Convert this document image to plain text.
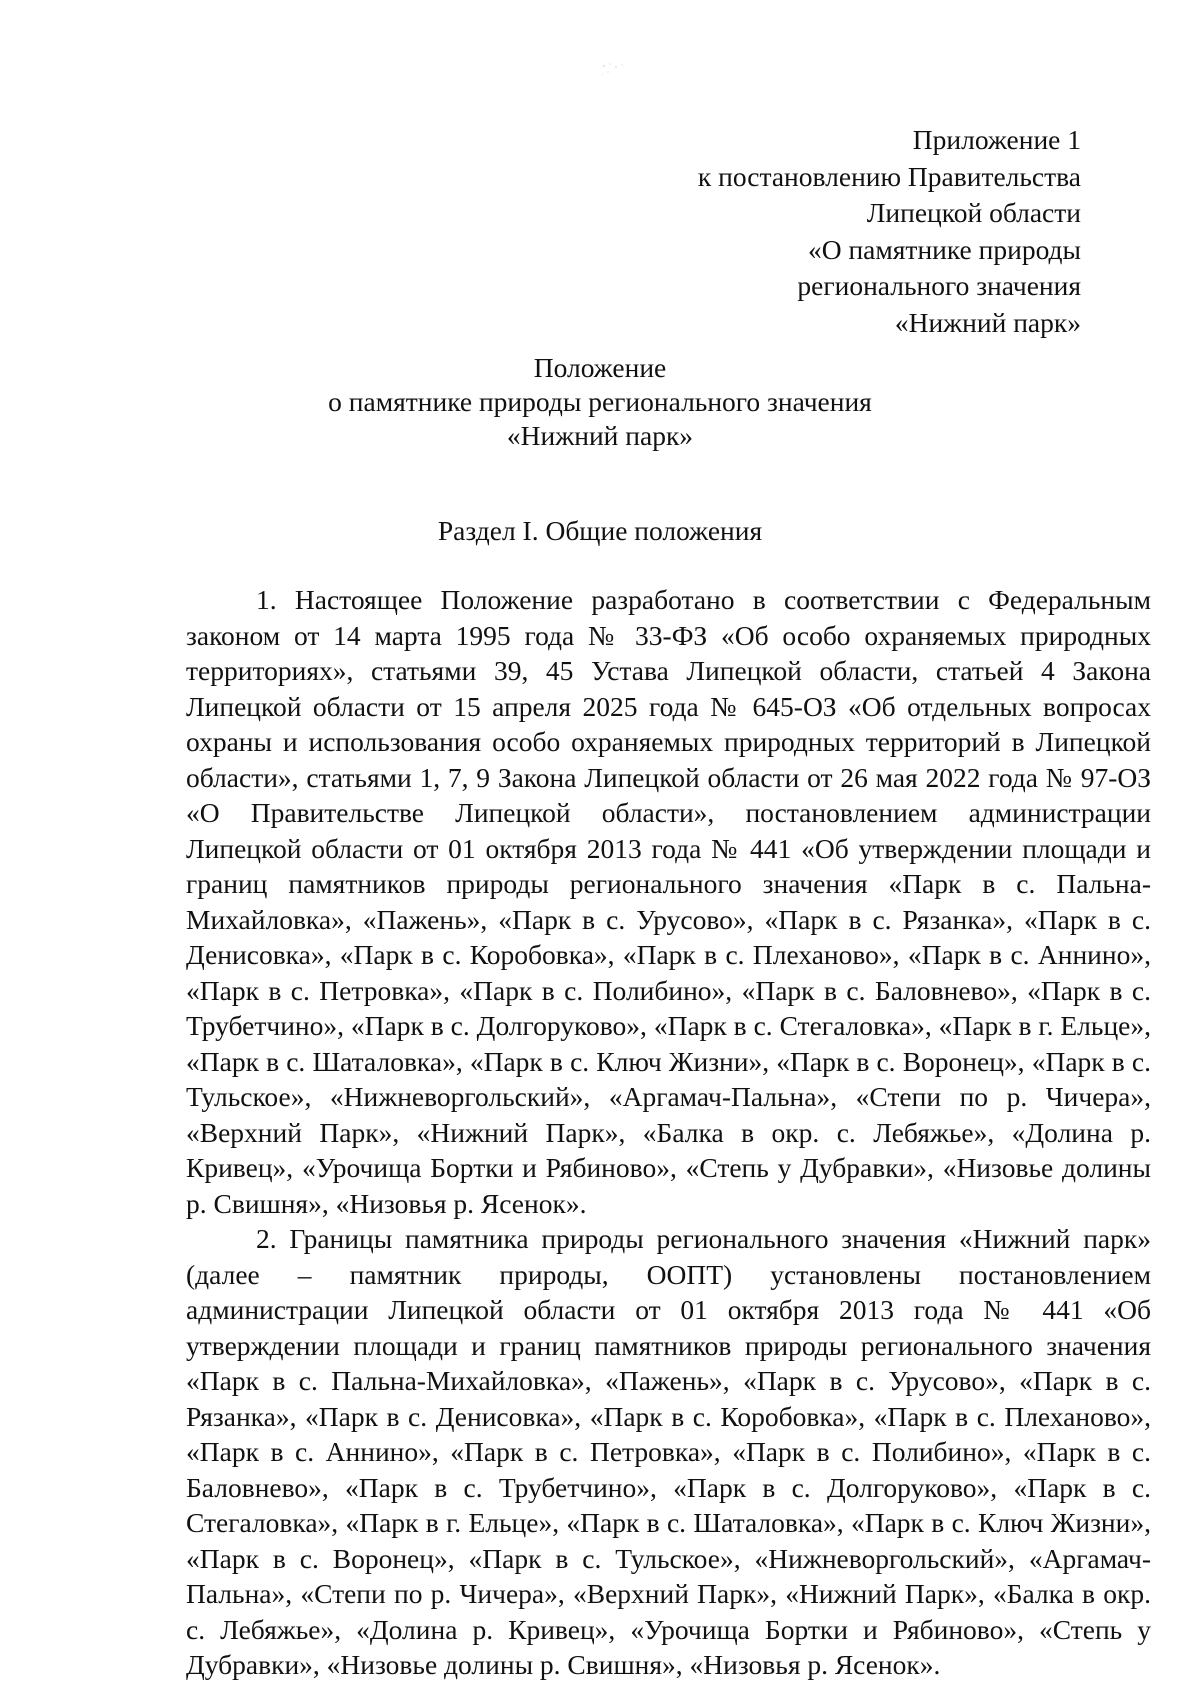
Приложение 1
к постановлению Правительства
Липецкой области
«О памятнике природы
регионального значения
«Нижний парк»
Положение
о памятнике природы регионального значения
«Нижний парк»
Раздел I. Общие положения

1. Настоящее Положение разработано в соответствии с Федеральным законом от 14 марта 1995 года № 33-ФЗ «Об особо охраняемых природных территориях», статьями 39, 45 Устава Липецкой области, статьей 4 Закона Липецкой области от 15 апреля 2025 года № 645-ОЗ «Об отдельных вопросах охраны и использования особо охраняемых природных территорий в Липецкой области», статьями 1, 7, 9 Закона Липецкой области от 26 мая 2022 года № 97-ОЗ «О Правительстве Липецкой области», постановлением администрации Липецкой области от 01 октября 2013 года № 441 «Об утверждении площади и границ памятников природы регионального значения «Парк в с. Пальна-Михайловка», «Пажень», «Парк в с. Урусово», «Парк в с. Рязанка», «Парк в с. Денисовка», «Парк в с. Коробовка», «Парк в с. Плеханово», «Парк в с. Аннино», «Парк в с. Петровка», «Парк в с. Полибино», «Парк в с. Баловнево», «Парк в с. Трубетчино», «Парк в с. Долгоруково», «Парк в с. Стегаловка», «Парк в г. Ельце», «Парк в с. Шаталовка», «Парк в с. Ключ Жизни», «Парк в с. Воронец», «Парк в с. Тульское», «Нижневоргольский», «Аргамач-Пальна», «Степи по р. Чичера», «Верхний Парк», «Нижний Парк», «Балка в окр. с. Лебяжье», «Долина р. Кривец», «Урочища Бортки и Рябиново», «Степь у Дубравки», «Низовье долины р. Свишня», «Низовья р. Ясенок».

2. Границы памятника природы регионального значения «Нижний парк» (далее – памятник природы, ООПТ) установлены постановлением администрации Липецкой области от 01 октября 2013 года № 441 «Об утверждении площади и границ памятников природы регионального значения «Парк в с. Пальна-Михайловка», «Пажень», «Парк в с. Урусово», «Парк в с. Рязанка», «Парк в с. Денисовка», «Парк в с. Коробовка», «Парк в с. Плеханово», «Парк в с. Аннино», «Парк в с. Петровка», «Парк в с. Полибино», «Парк в с. Баловнево», «Парк в с. Трубетчино», «Парк в с. Долгоруково», «Парк в с. Стегаловка», «Парк в г. Ельце», «Парк в с. Шаталовка», «Парк в с. Ключ Жизни», «Парк в с. Воронец», «Парк в с. Тульское», «Нижневоргольский», «Аргамач-Пальна», «Степи по р. Чичера», «Верхний Парк», «Нижний Парк», «Балка в окр. с. Лебяжье», «Долина р. Кривец», «Урочища Бортки и Рябиново», «Степь у Дубравки», «Низовье долины р. Свишня», «Низовья р. Ясенок».
